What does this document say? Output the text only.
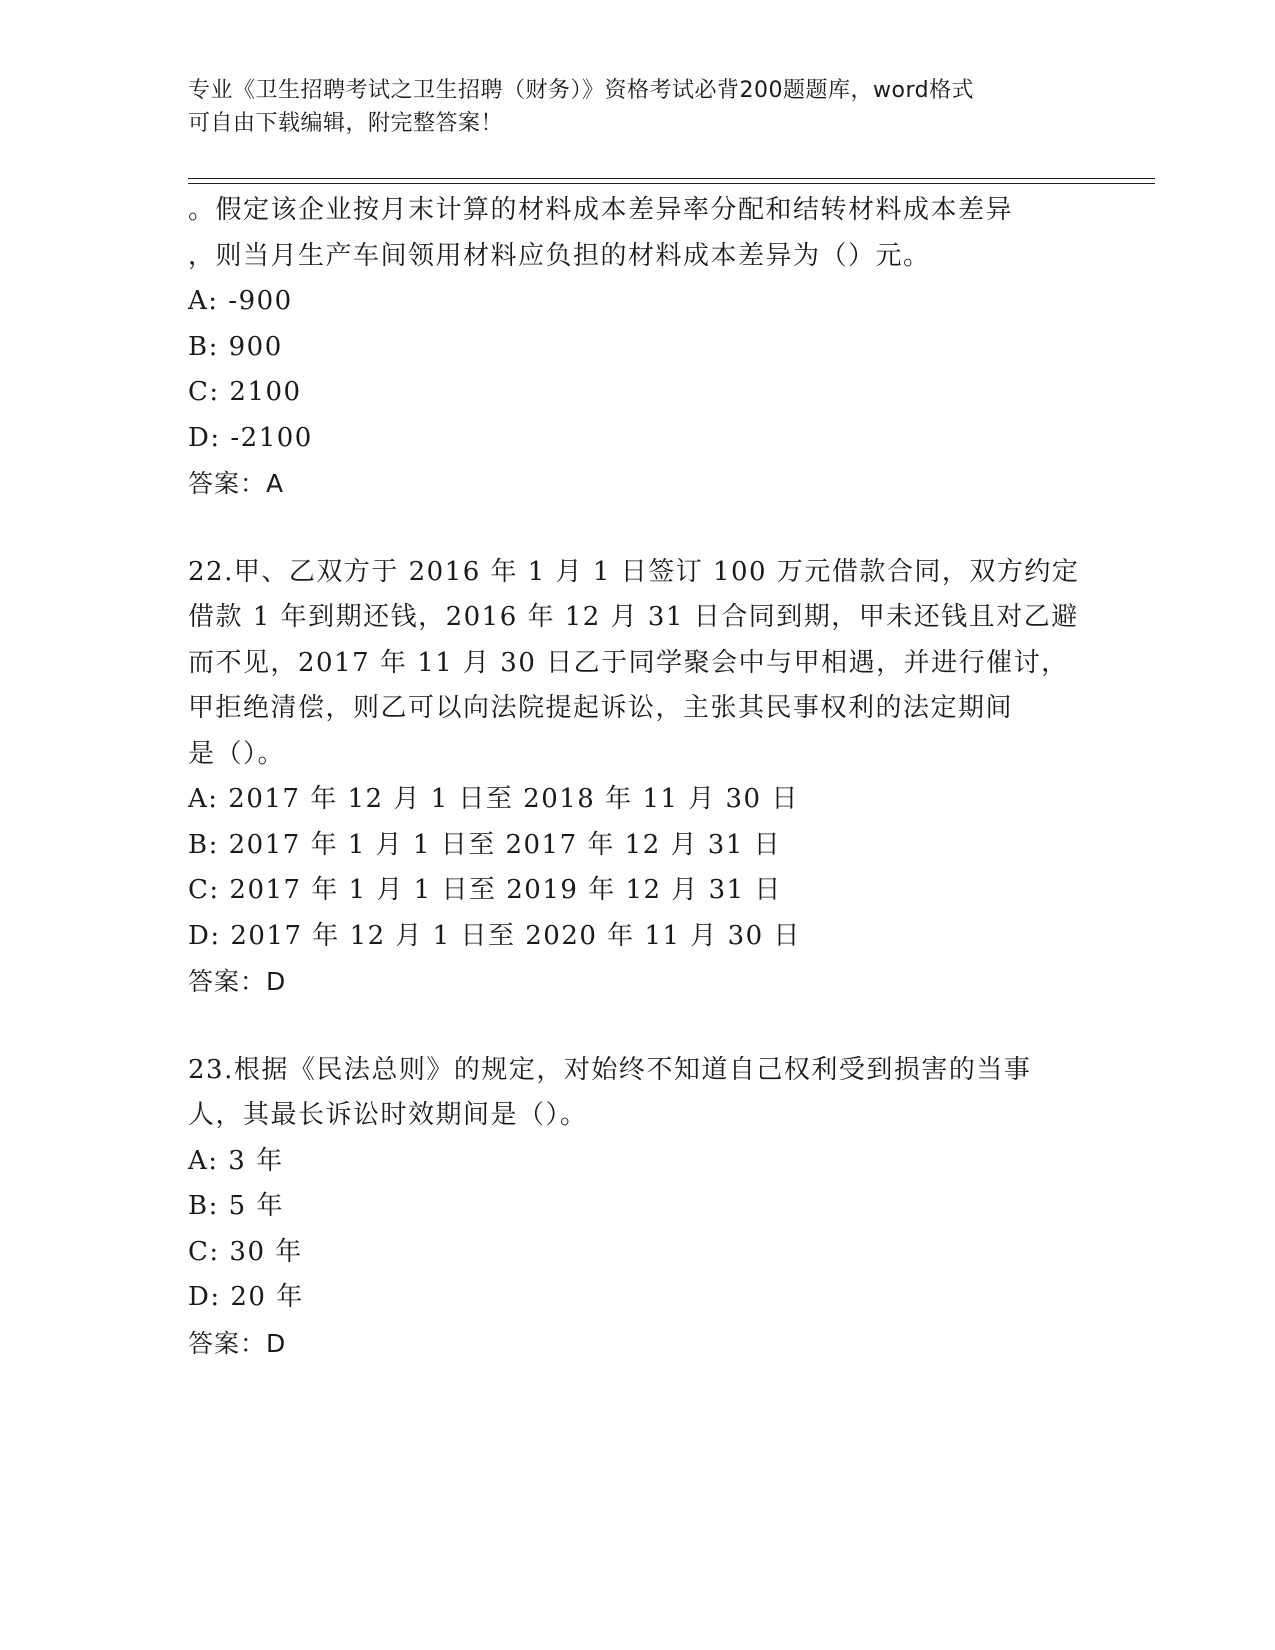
专业《卫生招聘考试之卫生招聘（财务）》资格考试必背200题题库，word格式
可自由下载编辑，附完整答案！
。假定该企业按月末计算的材料成本差异率分配和结转材料成本差异
，则当月生产车间领用材料应负担的材料成本差异为（）元。
A: -900
B: 900
C: 2100
D: -2100
答案：A
22.甲、乙双方于 2016 年 1 月 1 日签订 100 万元借款合同，双方约定
借款 1 年到期还钱，2016 年 12 月 31 日合同到期，甲未还钱且对乙避
而不见，2017 年 11 月 30 日乙于同学聚会中与甲相遇，并进行催讨，
甲拒绝清偿，则乙可以向法院提起诉讼，主张其民事权利的法定期间
是（）。
A: 2017 年 12 月 1 日至 2018 年 11 月 30 日
B: 2017 年 1 月 1 日至 2017 年 12 月 31 日
C: 2017 年 1 月 1 日至 2019 年 12 月 31 日
D: 2017 年 12 月 1 日至 2020 年 11 月 30 日
答案：D
23.根据《民法总则》的规定，对始终不知道自己权利受到损害的当事
人，其最长诉讼时效期间是（）。
A: 3 年
B: 5 年
C: 30 年
D: 20 年
答案：D
